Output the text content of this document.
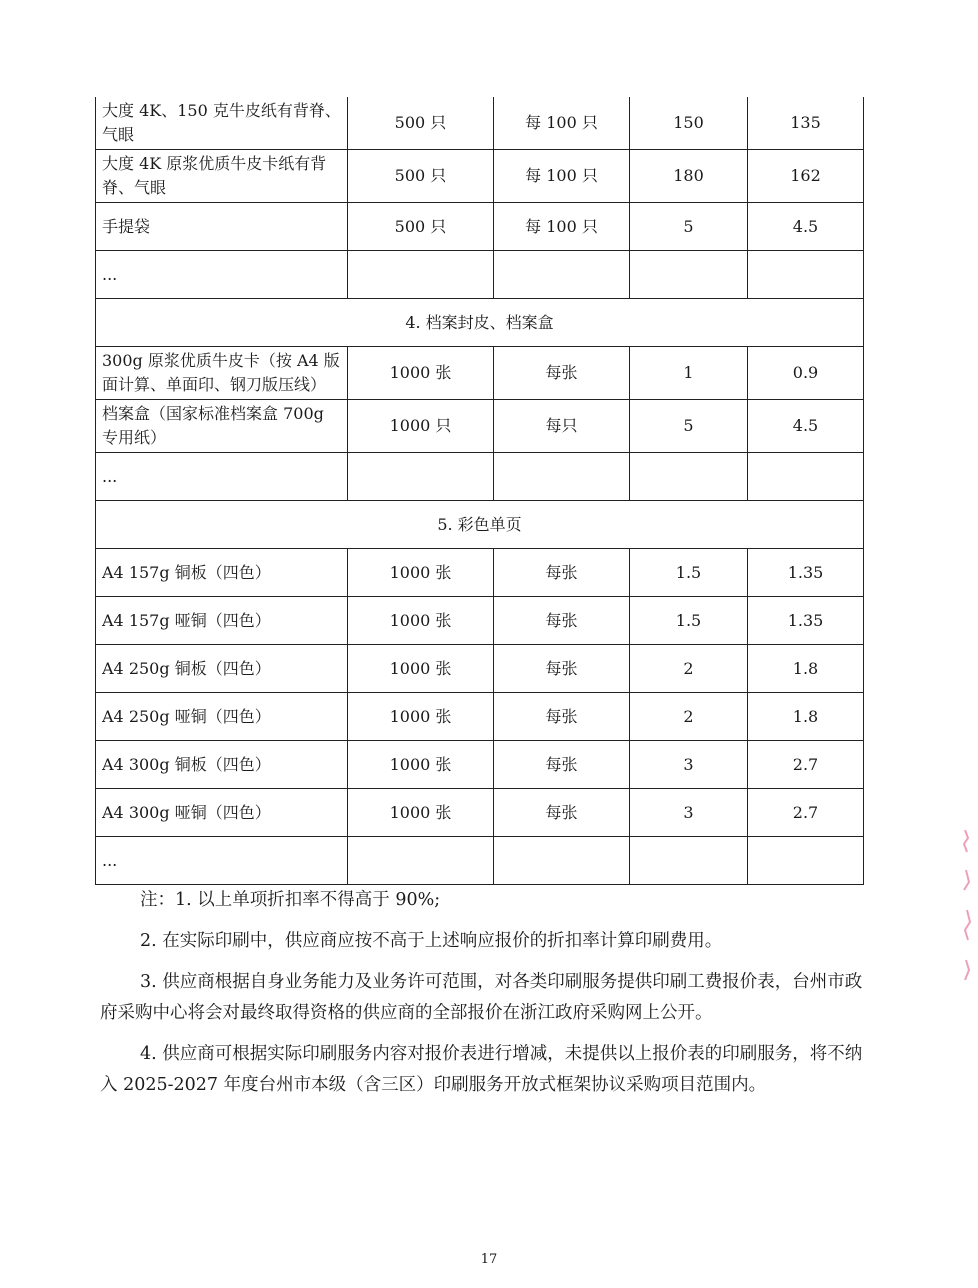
大度 4K、150 克牛皮纸有背脊、气眼	500 只	每 100 只	150	135
大度 4K 原浆优质牛皮卡纸有背脊、气眼	500 只	每 100 只	180	162
手提袋	500 只	每 100 只	5	4.5
...				
4. 档案封皮、档案盒				
300g 原浆优质牛皮卡（按 A4 版面计算、单面印、钢刀版压线）	1000 张	每张	1	0.9
档案盒（国家标准档案盒 700g 专用纸）	1000 只	每只	5	4.5
...				
5. 彩色单页				
A4 157g 铜板（四色）	1000 张	每张	1.5	1.35
A4 157g 哑铜（四色）	1000 张	每张	1.5	1.35
A4 250g 铜板（四色）	1000 张	每张	2	1.8
A4 250g 哑铜（四色）	1000 张	每张	2	1.8
A4 300g 铜板（四色）	1000 张	每张	3	2.7
A4 300g 哑铜（四色）	1000 张	每张	3	2.7
...				

注：1. 以上单项折扣率不得高于 90%;

2. 在实际印刷中，供应商应按不高于上述响应报价的折扣率计算印刷费用。

3. 供应商根据自身业务能力及业务许可范围，对各类印刷服务提供印刷工费报价表，台州市政府采购中心将会对最终取得资格的供应商的全部报价在浙江政府采购网上公开。

4. 供应商可根据实际印刷服务内容对报价表进行增减，未提供以上报价表的印刷服务，将不纳入 2025-2027 年度台州市本级（含三区）印刷服务开放式框架协议采购项目范围内。

17
